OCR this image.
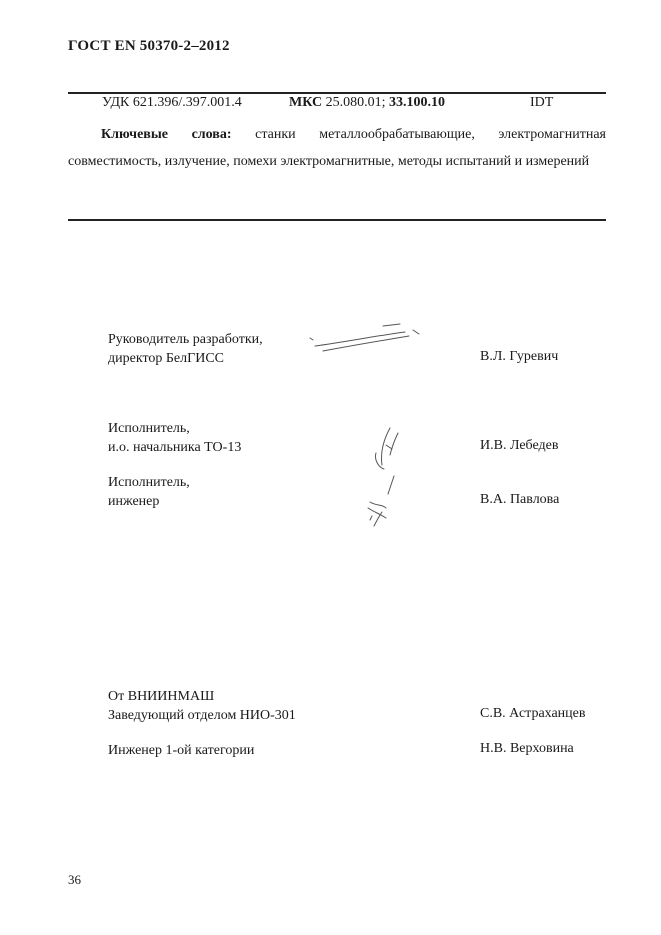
ГОСТ EN 50370-2–2012
УДК 621.396/.397.001.4	МКС 25.080.01; 33.100.10	IDT
Ключевые слова: станки металлообрабатывающие, электромагнитная совместимость, излучение, помехи электромагнитные, методы испытаний и измерений
Руководитель разработки,
директор БелГИСС	В.Л. Гуревич
Исполнитель,
и.о. начальника ТО-13	И.В. Лебедев
Исполнитель,
инженер	В.А. Павлова
От ВНИИНМАШ
Заведующий отделом НИО-301	С.В. Астраханцев
Инженер 1-ой категории	Н.В. Верховина
36
